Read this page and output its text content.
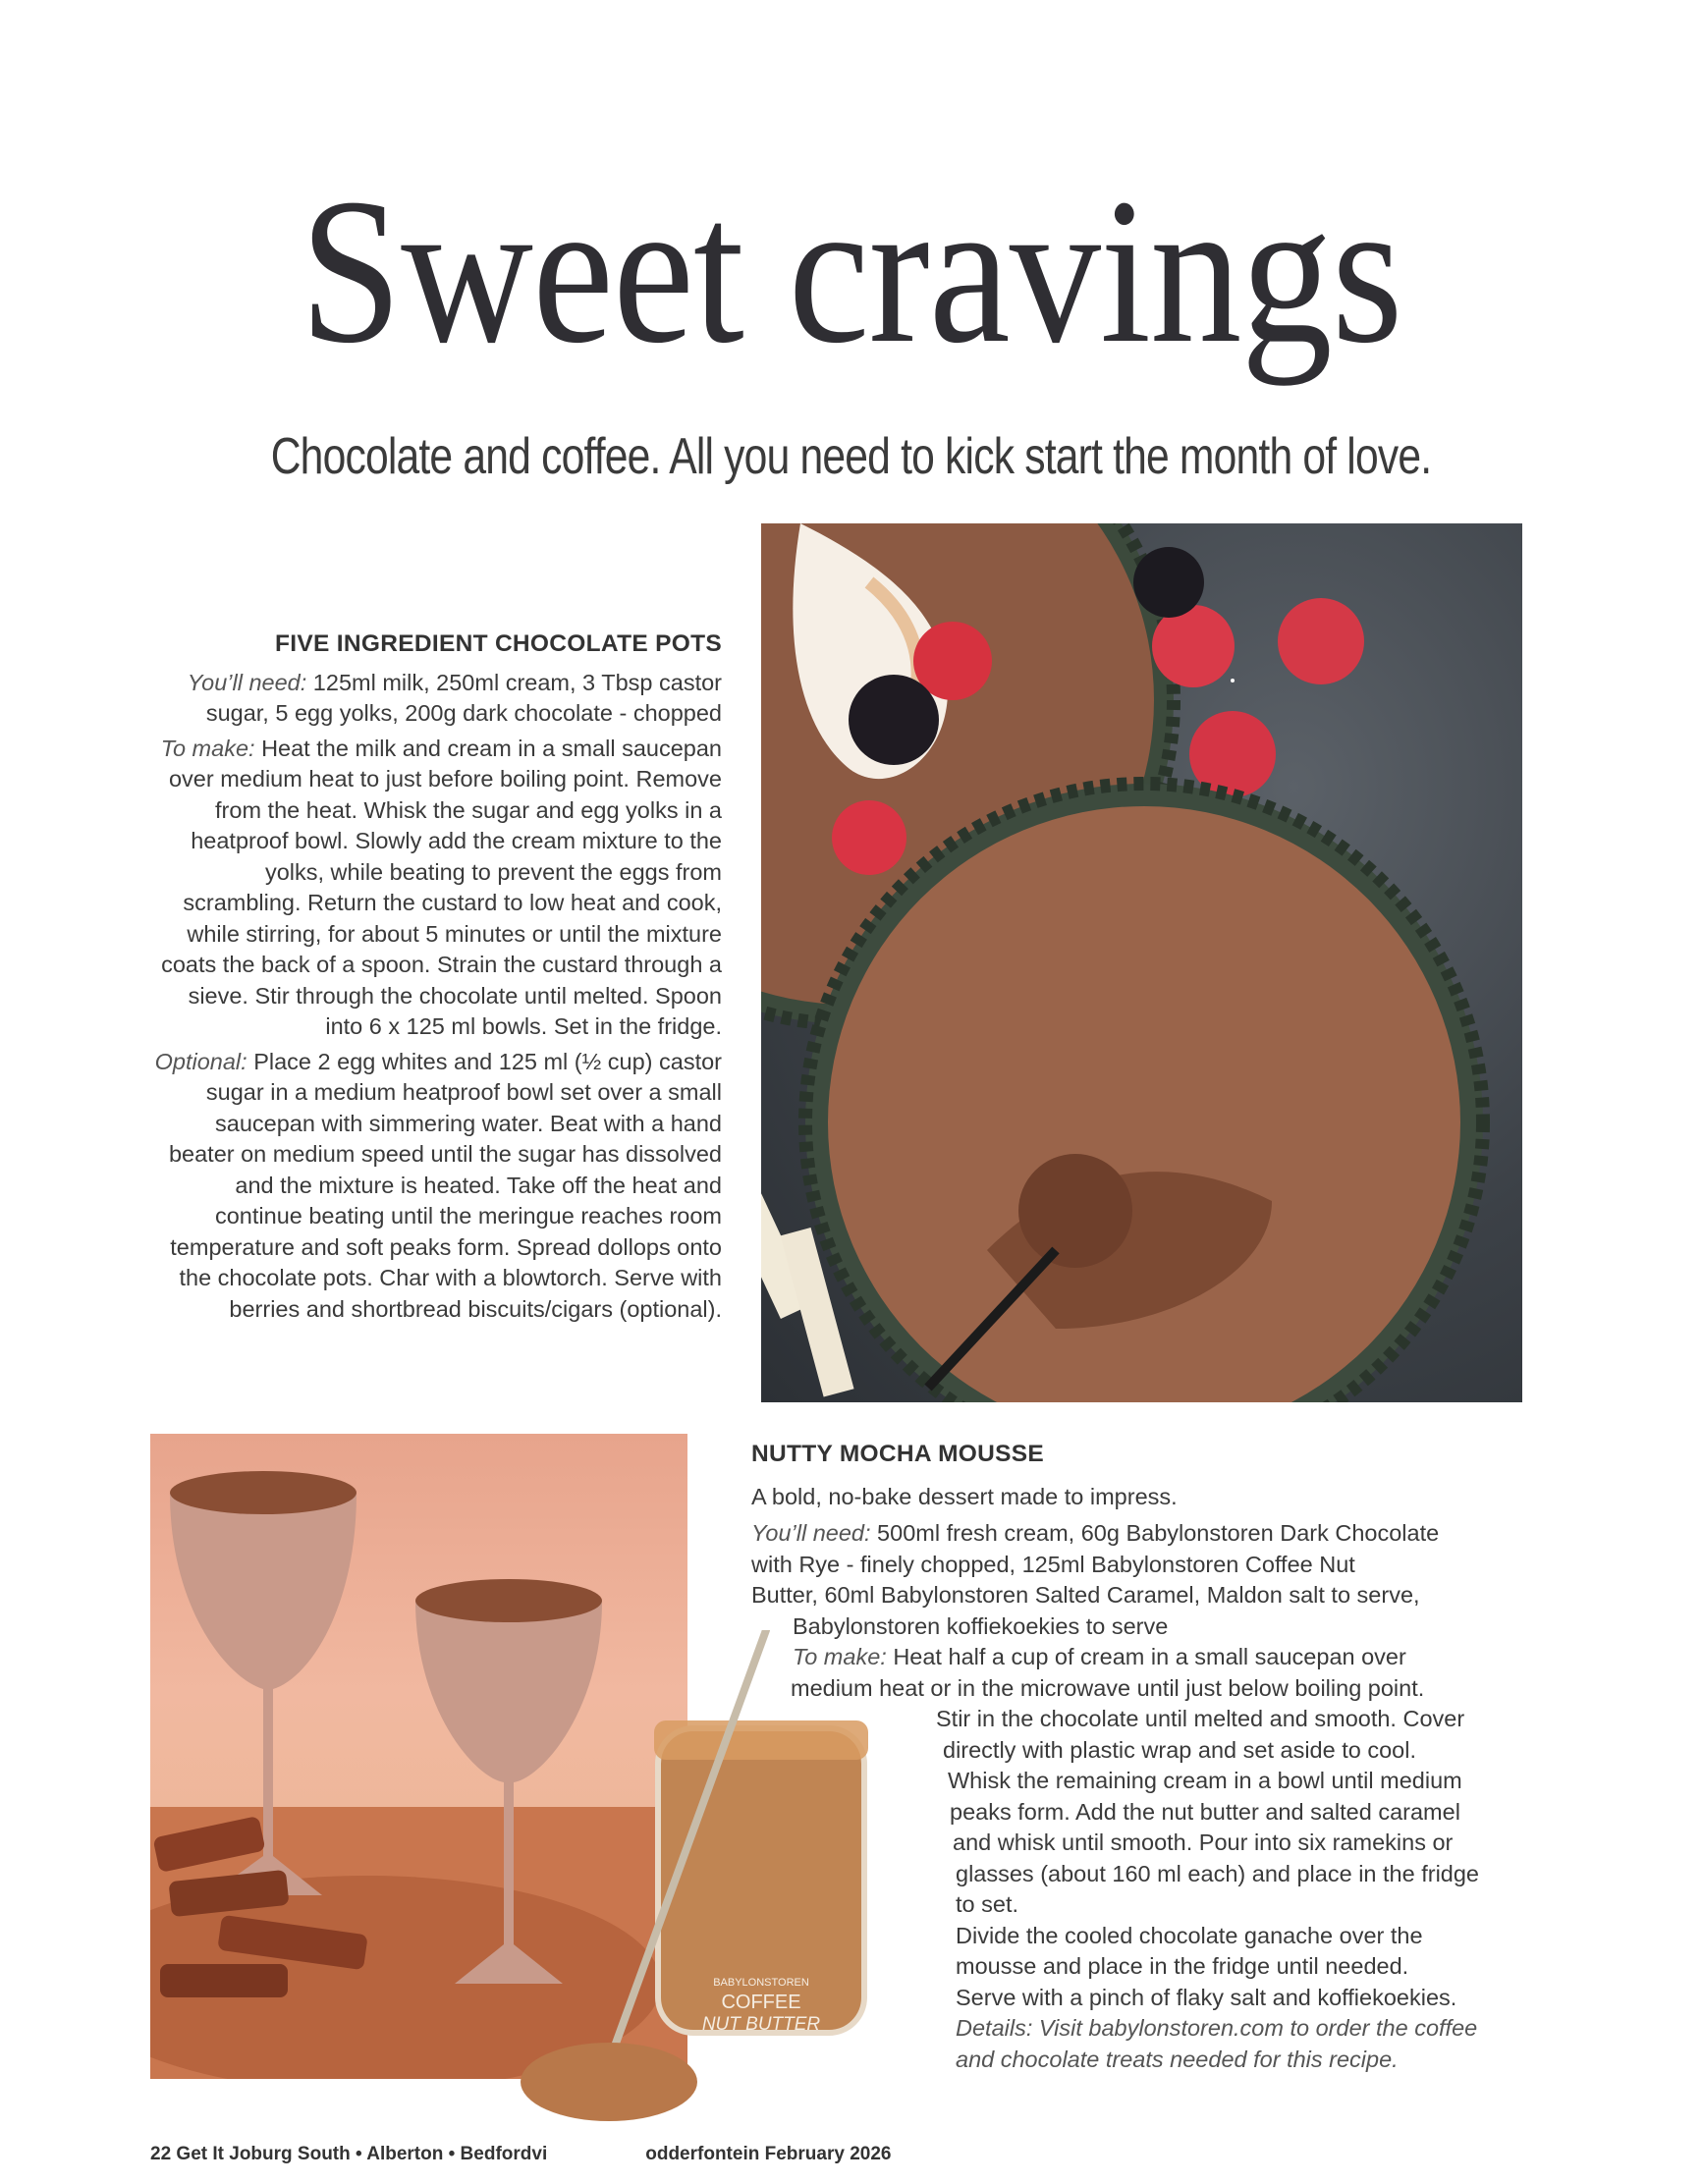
Sweet cravings
Chocolate and coffee. All you need to kick start the month of love.
FIVE INGREDIENT CHOCOLATE POTS

You’ll need: 125ml milk, 250ml cream, 3 Tbsp castor sugar, 5 egg yolks, 200g dark chocolate - chopped

To make: Heat the milk and cream in a small saucepan over medium heat to just before boiling point. Remove from the heat. Whisk the sugar and egg yolks in a heatproof bowl. Slowly add the cream mixture to the yolks, while beating to prevent the eggs from scrambling. Return the custard to low heat and cook, while stirring, for about 5 minutes or until the mixture coats the back of a spoon. Strain the custard through a sieve. Stir through the chocolate until melted. Spoon into 6 x 125 ml bowls. Set in the fridge.

Optional: Place 2 egg whites and 125 ml (½ cup) castor sugar in a medium heatproof bowl set over a small saucepan with simmering water. Beat with a hand beater on medium speed until the sugar has dissolved and the mixture is heated. Take off the heat and continue beating until the meringue reaches room temperature and soft peaks form. Spread dollops onto the chocolate pots. Char with a blowtorch. Serve with berries and shortbread biscuits/cigars (optional).

BABYLONSTOREN
COFFEE
NUT BUTTER
NUTTY MOCHA MOUSSE
A bold, no-bake dessert made to impress.
You’ll need: 500ml fresh cream, 60g Babylonstoren Dark Chocolate
with Rye - finely chopped, 125ml Babylonstoren Coffee Nut
Butter, 60ml Babylonstoren Salted Caramel, Maldon salt to serve,
Babylonstoren koffiekoekies to serve
To make: Heat half a cup of cream in a small saucepan over
medium heat or in the microwave until just below boiling point.
Stir in the chocolate until melted and smooth. Cover
directly with plastic wrap and set aside to cool.
Whisk the remaining cream in a bowl until medium
peaks form. Add the nut butter and salted caramel
and whisk until smooth. Pour into six ramekins or
glasses (about 160 ml each) and place in the fridge
to set.
Divide the cooled chocolate ganache over the
mousse and place in the fridge until needed.
Serve with a pinch of flaky salt and koffiekoekies.
Details: Visit babylonstoren.com to order the coffee
and chocolate treats needed for this recipe.
22 Get It Joburg South • Alberton • Bedfordvi	odderfontein February 2026
